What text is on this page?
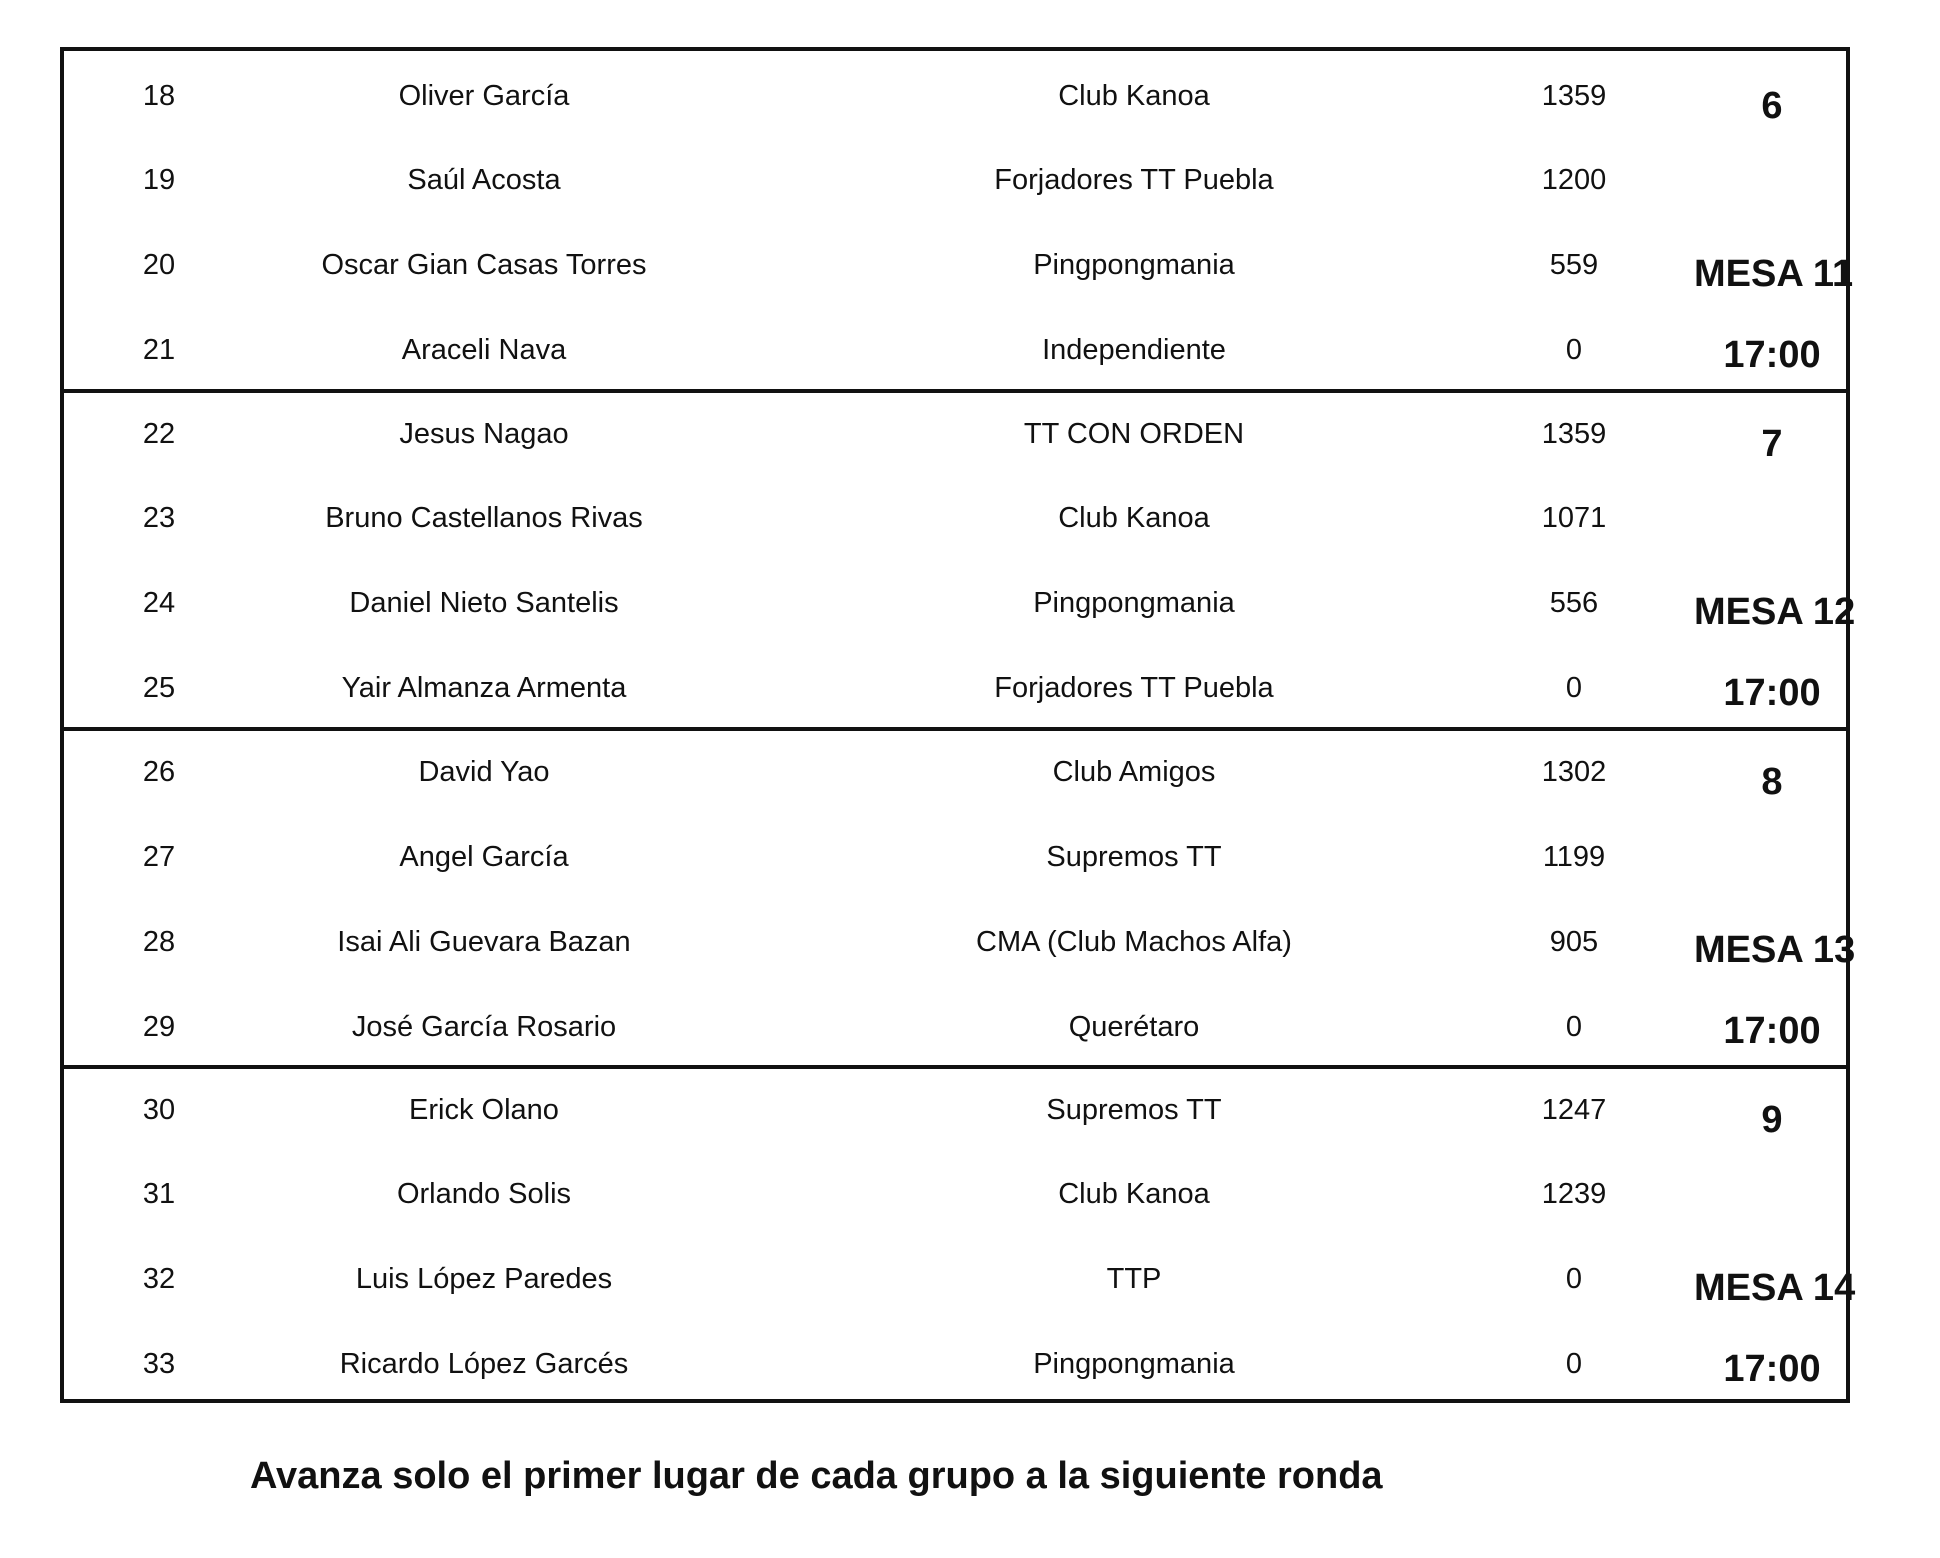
18	Oliver García	Club Kanoa	1359
19	Saúl Acosta	Forjadores TT Puebla	1200
20	Oscar Gian Casas Torres	Pingpongmania	559
21	Araceli Nava	Independiente	0
6
MESA 11
17:00
22	Jesus Nagao	TT CON ORDEN	1359
23	Bruno Castellanos Rivas	Club Kanoa	1071
24	Daniel Nieto Santelis	Pingpongmania	556
25	Yair Almanza Armenta	Forjadores TT Puebla	0
7
MESA 12
17:00
26	David Yao	Club Amigos	1302
27	Angel García	Supremos TT	1199
28	Isai Ali Guevara Bazan	CMA (Club Machos Alfa)	905
29	José García Rosario	Querétaro	0
8
MESA 13
17:00
30	Erick Olano	Supremos TT	1247
31	Orlando Solis	Club Kanoa	1239
32	Luis López Paredes	TTP	0
33	Ricardo López Garcés	Pingpongmania	0
9
MESA 14
17:00
Avanza solo el primer lugar de cada grupo a la siguiente ronda
